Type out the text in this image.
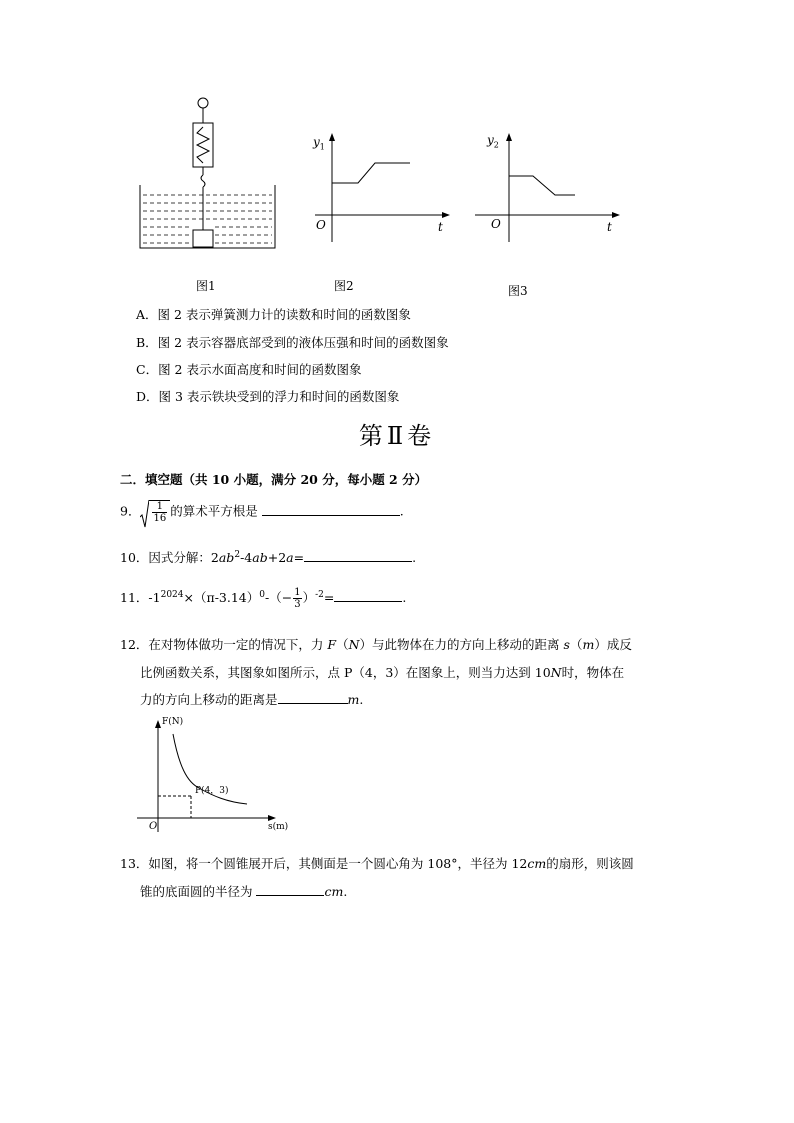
图1
$y_1$
O	t
图2
$y_2$
O	t
图3
A．图 2 表示弹簧测力计的读数和时间的函数图象
B．图 2 表示容器底部受到的液体压强和时间的函数图象
C．图 2 表示水面高度和时间的函数图象
D．图 3 表示铁块受到的浮力和时间的函数图象
第Ⅱ卷
二．填空题（共 10 小题，满分 20 分，每小题 2 分）
9． $\frac{1}{16}$ 的算术平方根是	.
10．因式分解：$2ab^2-4ab+2a=$	.
11．$-1^{2024}\times(\pi-3.14)^0-(- \frac{1}{3} )^{-2}=$	.
12．在对物体做功一定的情况下，力 F（N）与此物体在力的方向上移动的距离 s（m）成反
比例函数关系，其图象如图所示，点 P（4，3）在图象上，则当力达到 10N时，物体在
力的方向上移动的距离是	m.
F(N)
s(m)
O
P(4，3)
13．如图，将一个圆锥展开后，其侧面是一个圆心角为 108°，半径为 12cm的扇形，则该圆
锥的底面圆的半径为	cm.
